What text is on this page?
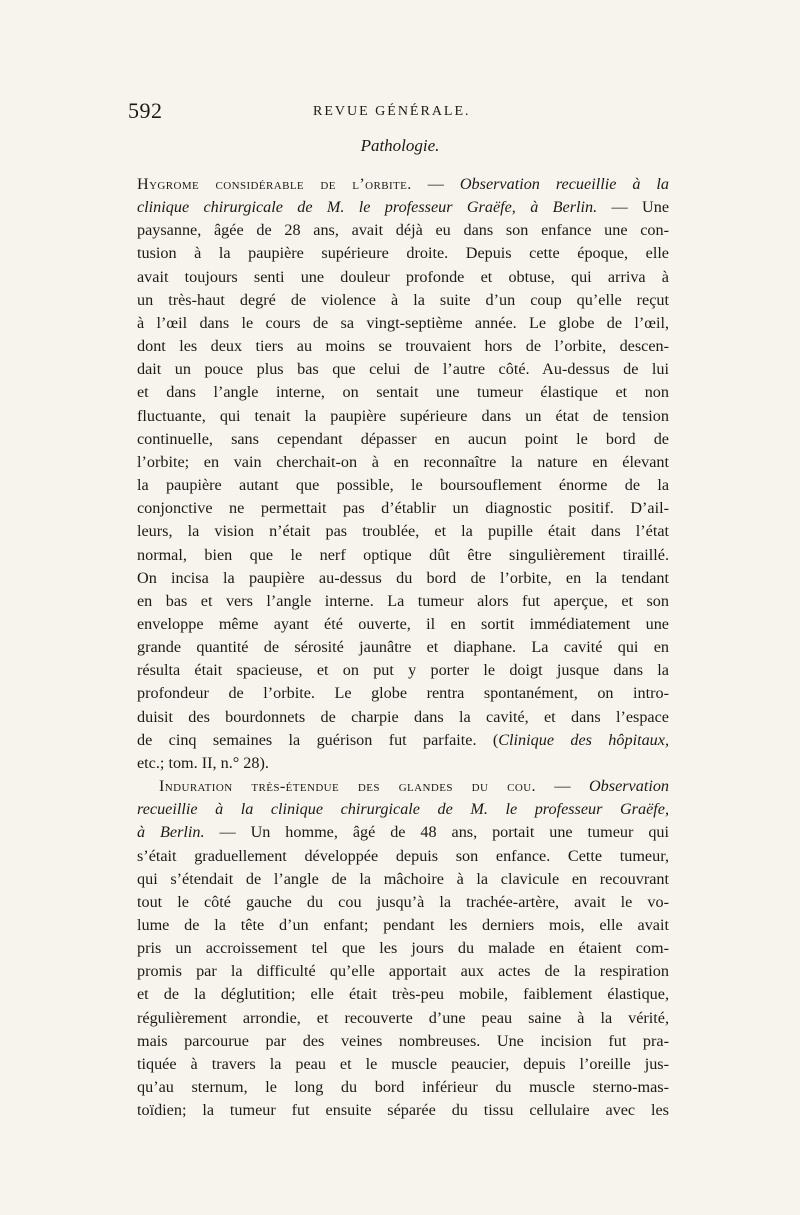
592	REVUE GÉNÉRALE.
Pathologie.
Hygrome considérable de l’orbite. — Observation recueillie à la
clinique chirurgicale de M. le professeur Graëfe, à Berlin. — Une
paysanne, âgée de 28 ans, avait déjà eu dans son enfance une con-
tusion à la paupière supérieure droite. Depuis cette époque, elle
avait toujours senti une douleur profonde et obtuse, qui arriva à
un très-haut degré de violence à la suite d’un coup qu’elle reçut
à l’œil dans le cours de sa vingt-septième année. Le globe de l’œil,
dont les deux tiers au moins se trouvaient hors de l’orbite, descen-
dait un pouce plus bas que celui de l’autre côté. Au-dessus de lui
et dans l’angle interne, on sentait une tumeur élastique et non
fluctuante, qui tenait la paupière supérieure dans un état de tension
continuelle, sans cependant dépasser en aucun point le bord de
l’orbite; en vain cherchait-on à en reconnaître la nature en élevant
la paupière autant que possible, le boursouflement énorme de la
conjonctive ne permettait pas d’établir un diagnostic positif. D’ail-
leurs, la vision n’était pas troublée, et la pupille était dans l’état
normal, bien que le nerf optique dût être singulièrement tiraillé.
On incisa la paupière au-dessus du bord de l’orbite, en la tendant
en bas et vers l’angle interne. La tumeur alors fut aperçue, et son
enveloppe même ayant été ouverte, il en sortit immédiatement une
grande quantité de sérosité jaunâtre et diaphane. La cavité qui en
résulta était spacieuse, et on put y porter le doigt jusque dans la
profondeur de l’orbite. Le globe rentra spontanément, on intro-
duisit des bourdonnets de charpie dans la cavité, et dans l’espace
de cinq semaines la guérison fut parfaite. (Clinique des hôpitaux,
etc.; tom. II, n.° 28).
Induration très-étendue des glandes du cou. — Observation
recueillie à la clinique chirurgicale de M. le professeur Graëfe,
à Berlin. — Un homme, âgé de 48 ans, portait une tumeur qui
s’était graduellement développée depuis son enfance. Cette tumeur,
qui s’étendait de l’angle de la mâchoire à la clavicule en recouvrant
tout le côté gauche du cou jusqu’à la trachée-artère, avait le vo-
lume de la tête d’un enfant; pendant les derniers mois, elle avait
pris un accroissement tel que les jours du malade en étaient com-
promis par la difficulté qu’elle apportait aux actes de la respiration
et de la déglutition; elle était très-peu mobile, faiblement élastique,
régulièrement arrondie, et recouverte d’une peau saine à la vérité,
mais parcourue par des veines nombreuses. Une incision fut pra-
tiquée à travers la peau et le muscle peaucier, depuis l’oreille jus-
qu’au sternum, le long du bord inférieur du muscle sterno-mas-
toïdien; la tumeur fut ensuite séparée du tissu cellulaire avec les
